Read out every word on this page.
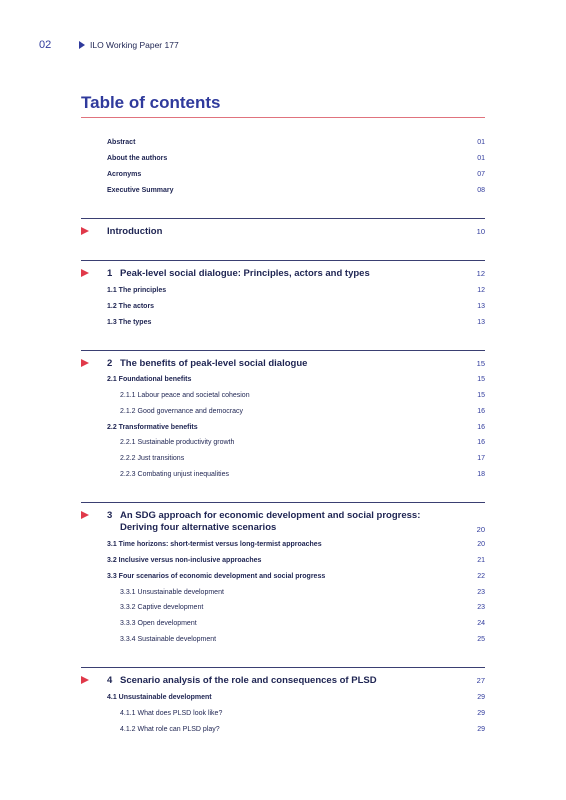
02	ILO Working Paper 177
Table of contents
Abstract	01
About the authors	01
Acronyms	07
Executive Summary	08
Introduction	10
1 Peak-level social dialogue: Principles, actors and types	12
1.1 The principles	12
1.2 The actors	13
1.3 The types	13
2 The benefits of peak-level social dialogue	15
2.1 Foundational benefits	15
2.1.1 Labour peace and societal cohesion	15
2.1.2 Good governance and democracy	16
2.2 Transformative benefits	16
2.2.1 Sustainable productivity growth	16
2.2.2 Just transitions	17
2.2.3 Combating unjust inequalities	18
3 An SDG approach for economic development and social progress: Deriving four alternative scenarios	20
3.1 Time horizons: short-termist versus long-termist approaches	20
3.2 Inclusive versus non-inclusive approaches	21
3.3 Four scenarios of economic development and social progress	22
3.3.1 Unsustainable development	23
3.3.2 Captive development	23
3.3.3 Open development	24
3.3.4 Sustainable development	25
4 Scenario analysis of the role and consequences of PLSD	27
4.1 Unsustainable development	29
4.1.1 What does PLSD look like?	29
4.1.2 What role can PLSD play?	29
